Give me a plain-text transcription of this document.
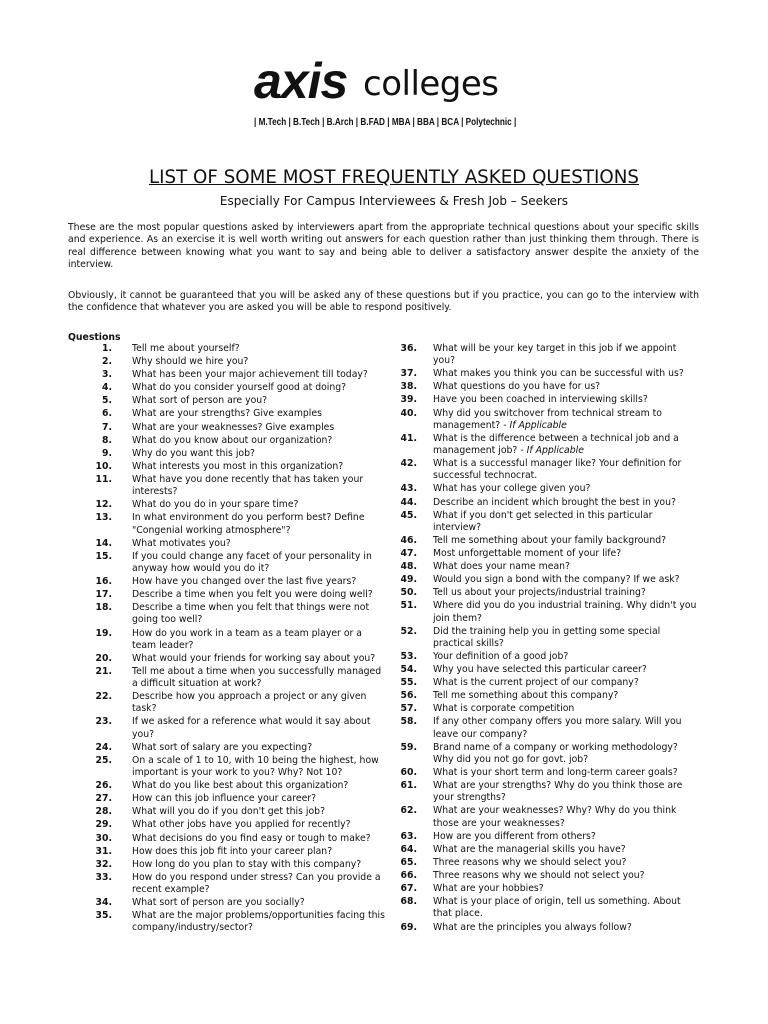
axis colleges
| M.Tech | B.Tech | B.Arch | B.FAD | MBA | BBA | BCA | Polytechnic |
LIST OF SOME MOST FREQUENTLY ASKED QUESTIONS
Especially For Campus Interviewees & Fresh Job – Seekers

These are the most popular questions asked by interviewers apart from the appropriate technical questions about your specific skills and experience. As an exercise it is well worth writing out answers for each question rather than just thinking them through. There is real difference between knowing what you want to say and being able to deliver a satisfactory answer despite the anxiety of the interview.

Obviously, it cannot be guaranteed that you will be asked any of these questions but if you practice, you can go to the interview with the confidence that whatever you are asked you will be able to respond positively.

Questions
1. Tell me about yourself?
2. Why should we hire you?
3. What has been your major achievement till today?
4. What do you consider yourself good at doing?
5. What sort of person are you?
6. What are your strengths? Give examples
7. What are your weaknesses? Give examples
8. What do you know about our organization?
9. Why do you want this job?
10. What interests you most in this organization?
11. What have you done recently that has taken your interests?
12. What do you do in your spare time?
13. In what environment do you perform best? Define "Congenial working atmosphere"?
14. What motivates you?
15. If you could change any facet of your personality in anyway how would you do it?
16. How have you changed over the last five years?
17. Describe a time when you felt you were doing well?
18. Describe a time when you felt that things were not going too well?
19. How do you work in a team as a team player or a team leader?
20. What would your friends for working say about you?
21. Tell me about a time when you successfully managed a difficult situation at work?
22. Describe how you approach a project or any given task?
23. If we asked for a reference what would it say about you?
24. What sort of salary are you expecting?
25. On a scale of 1 to 10, with 10 being the highest, how important is your work to you? Why? Not 10?
26. What do you like best about this organization?
27. How can this job influence your career?
28. What will you do if you don't get this job?
29. What other jobs have you applied for recently?
30. What decisions do you find easy or tough to make?
31. How does this job fit into your career plan?
32. How long do you plan to stay with this company?
33. How do you respond under stress? Can you provide a recent example?
34. What sort of person are you socially?
35. What are the major problems/opportunities facing this company/industry/sector?
36. What will be your key target in this job if we appoint you?
37. What makes you think you can be successful with us?
38. What questions do you have for us?
39. Have you been coached in interviewing skills?
40. Why did you switchover from technical stream to management? - If Applicable
41. What is the difference between a technical job and a management job? - If Applicable
42. What is a successful manager like? Your definition for successful technocrat.
43. What has your college given you?
44. Describe an incident which brought the best in you?
45. What if you don't get selected in this particular interview?
46. Tell me something about your family background?
47. Most unforgettable moment of your life?
48. What does your name mean?
49. Would you sign a bond with the company? If we ask?
50. Tell us about your projects/industrial training?
51. Where did you do you industrial training. Why didn't you join them?
52. Did the training help you in getting some special practical skills?
53. Your definition of a good job?
54. Why you have selected this particular career?
55. What is the current project of our company?
56. Tell me something about this company?
57. What is corporate competition
58. If any other company offers you more salary. Will you leave our company?
59. Brand name of a company or working methodology? Why did you not go for govt. job?
60. What is your short term and long-term career goals?
61. What are your strengths? Why do you think those are your strengths?
62. What are your weaknesses? Why? Why do you think those are your weaknesses?
63. How are you different from others?
64. What are the managerial skills you have?
65. Three reasons why we should select you?
66. Three reasons why we should not select you?
67. What are your hobbies?
68. What is your place of origin, tell us something. About that place.
69. What are the principles you always follow?
